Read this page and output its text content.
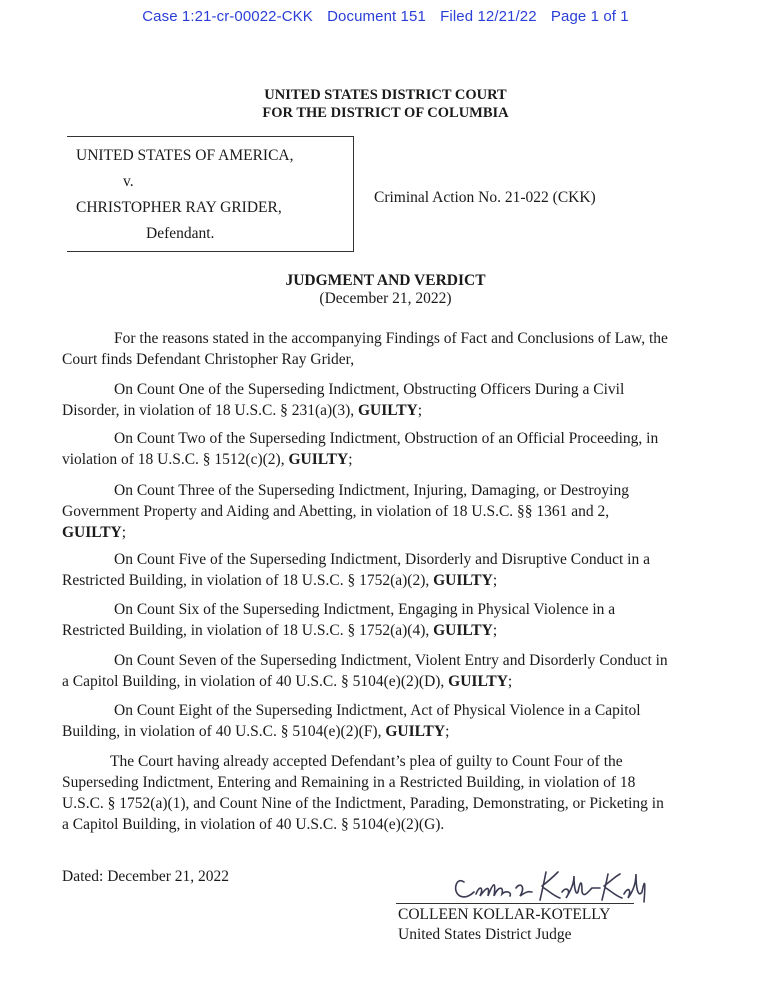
Case 1:21-cr-00022-CKK Document 151 Filed 12/21/22 Page 1 of 1
UNITED STATES DISTRICT COURT
FOR THE DISTRICT OF COLUMBIA
UNITED STATES OF AMERICA,
v.
CHRISTOPHER RAY GRIDER,
Defendant.
Criminal Action No. 21-022 (CKK)
JUDGMENT AND VERDICT
(December 21, 2022)
For the reasons stated in the accompanying Findings of Fact and Conclusions of Law, the
Court finds Defendant Christopher Ray Grider,
On Count One of the Superseding Indictment, Obstructing Officers During a Civil
Disorder, in violation of 18 U.S.C. § 231(a)(3), GUILTY;
On Count Two of the Superseding Indictment, Obstruction of an Official Proceeding, in
violation of 18 U.S.C. § 1512(c)(2), GUILTY;
On Count Three of the Superseding Indictment, Injuring, Damaging, or Destroying
Government Property and Aiding and Abetting, in violation of 18 U.S.C. §§ 1361 and 2,
GUILTY;
On Count Five of the Superseding Indictment, Disorderly and Disruptive Conduct in a
Restricted Building, in violation of 18 U.S.C. § 1752(a)(2), GUILTY;
On Count Six of the Superseding Indictment, Engaging in Physical Violence in a
Restricted Building, in violation of 18 U.S.C. § 1752(a)(4), GUILTY;
On Count Seven of the Superseding Indictment, Violent Entry and Disorderly Conduct in
a Capitol Building, in violation of 40 U.S.C. § 5104(e)(2)(D), GUILTY;
On Count Eight of the Superseding Indictment, Act of Physical Violence in a Capitol
Building, in violation of 40 U.S.C. § 5104(e)(2)(F), GUILTY;
The Court having already accepted Defendant’s plea of guilty to Count Four of the
Superseding Indictment, Entering and Remaining in a Restricted Building, in violation of 18
U.S.C. § 1752(a)(1), and Count Nine of the Indictment, Parading, Demonstrating, or Picketing in
a Capitol Building, in violation of 40 U.S.C. § 5104(e)(2)(G).
Dated: December 21, 2022
COLLEEN KOLLAR-KOTELLY
United States District Judge
